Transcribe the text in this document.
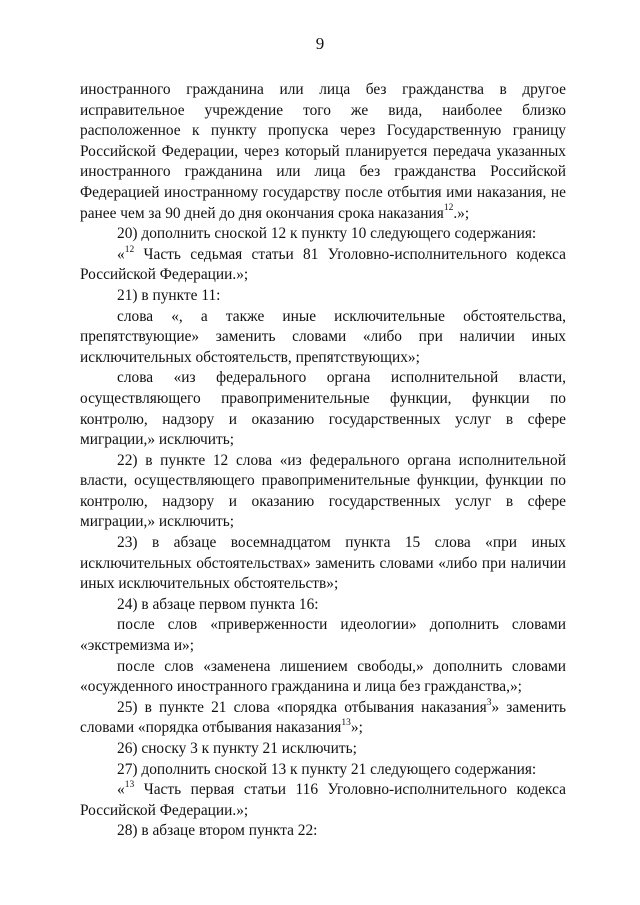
9

иностранного гражданина или лица без гражданства в другое исправительное учреждение того же вида, наиболее близко расположенное к пункту пропуска через Государственную границу Российской Федерации, через который планируется передача указанных иностранного гражданина или лица без гражданства Российской Федерацией иностранному государству после отбытия ими наказания, не ранее чем за 90 дней до дня окончания срока наказания$^{12}$.»;

20) дополнить сноской 12 к пункту 10 следующего содержания:

«$^{12}$ Часть седьмая статьи 81 Уголовно-исполнительного кодекса Российской Федерации.»;

21) в пункте 11:

слова «, а также иные исключительные обстоятельства, препятствующие» заменить словами «либо при наличии иных исключительных обстоятельств, препятствующих»;

слова «из федерального органа исполнительной власти, осуществляющего правоприменительные функции, функции по контролю, надзору и оказанию государственных услуг в сфере миграции,» исключить;

22) в пункте 12 слова «из федерального органа исполнительной власти, осуществляющего правоприменительные функции, функции по контролю, надзору и оказанию государственных услуг в сфере миграции,» исключить;

23) в абзаце восемнадцатом пункта 15 слова «при иных исключительных обстоятельствах» заменить словами «либо при наличии иных исключительных обстоятельств»;

24) в абзаце первом пункта 16:

после слов «приверженности идеологии» дополнить словами «экстремизма и»;

после слов «заменена лишением свободы,» дополнить словами «осужденного иностранного гражданина и лица без гражданства,»;

25) в пункте 21 слова «порядка отбывания наказания$^3$» заменить словами «порядка отбывания наказания$^{13}$»;

26) сноску 3 к пункту 21 исключить;

27) дополнить сноской 13 к пункту 21 следующего содержания:

«$^{13}$ Часть первая статьи 116 Уголовно-исполнительного кодекса Российской Федерации.»;

28) в абзаце втором пункта 22:
